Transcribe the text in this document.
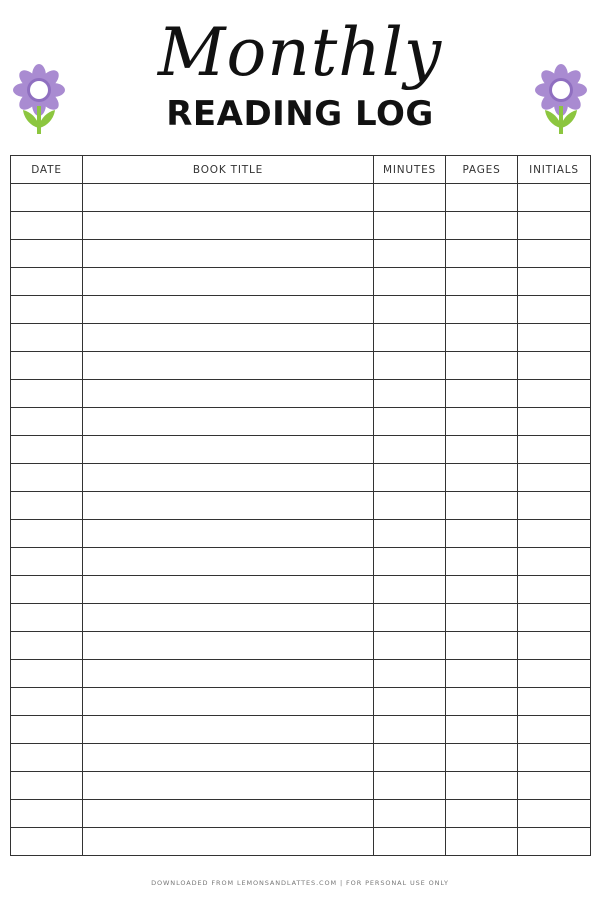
Monthly
READING LOG
DATE	BOOK TITLE	MINUTES	PAGES	INITIALS

DOWNLOADED FROM LEMONSANDLATTES.COM | FOR PERSONAL USE ONLY
